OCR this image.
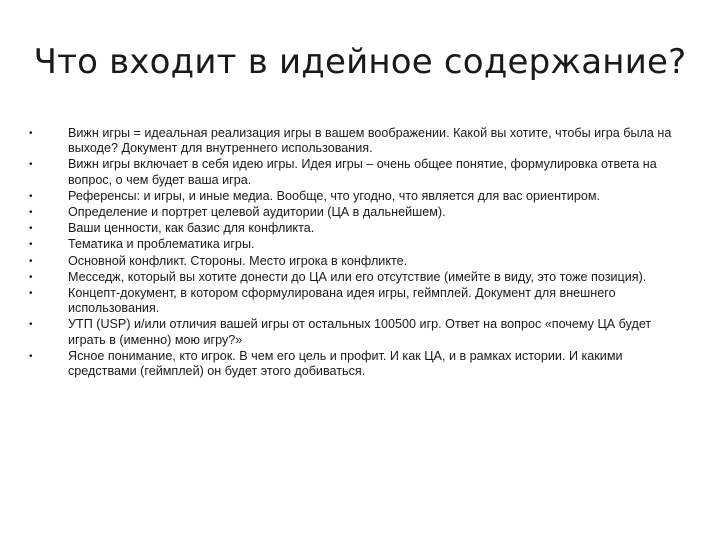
Что входит в идейное содержание?
•	Вижн игры = идеальная реализация игры в вашем воображении. Какой вы хотите, чтобы игра была на выходе? Документ для внутреннего использования.
•	Вижн игры включает в себя идею игры. Идея игры – очень общее понятие, формулировка ответа на вопрос, о чем будет ваша игра.
•	Референсы: и игры, и иные медиа. Вообще, что угодно, что является для вас ориентиром.
•	Определение и портрет целевой аудитории (ЦА в дальнейшем).
•	Ваши ценности, как базис для конфликта.
•	Тематика и проблематика игры.
•	Основной конфликт. Стороны. Место игрока в конфликте.
•	Месседж, который вы хотите донести до ЦА или его отсутствие (имейте в виду, это тоже позиция).
•	Концепт-документ, в котором сформулирована идея игры, геймплей. Документ для внешнего использования.
•	УТП (USP) и/или отличия вашей игры от остальных 100500 игр. Ответ на вопрос «почему ЦА будет играть в (именно) мою игру?»
•	Ясное понимание, кто игрок. В чем его цель и профит. И как ЦА, и в рамках истории. И какими средствами (геймплей) он будет этого добиваться.
